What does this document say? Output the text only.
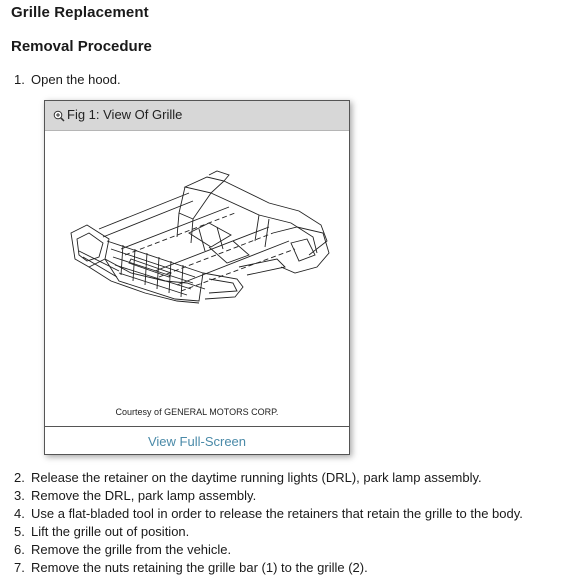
Grille Replacement
Removal Procedure
1. Open the hood.
Fig 1: View Of Grille
Courtesy of GENERAL MOTORS CORP.
View Full-Screen
2. Release the retainer on the daytime running lights (DRL), park lamp assembly.
3. Remove the DRL, park lamp assembly.
4. Use a flat-bladed tool in order to release the retainers that retain the grille to the body.
5. Lift the grille out of position.
6. Remove the grille from the vehicle.
7. Remove the nuts retaining the grille bar (1) to the grille (2).
